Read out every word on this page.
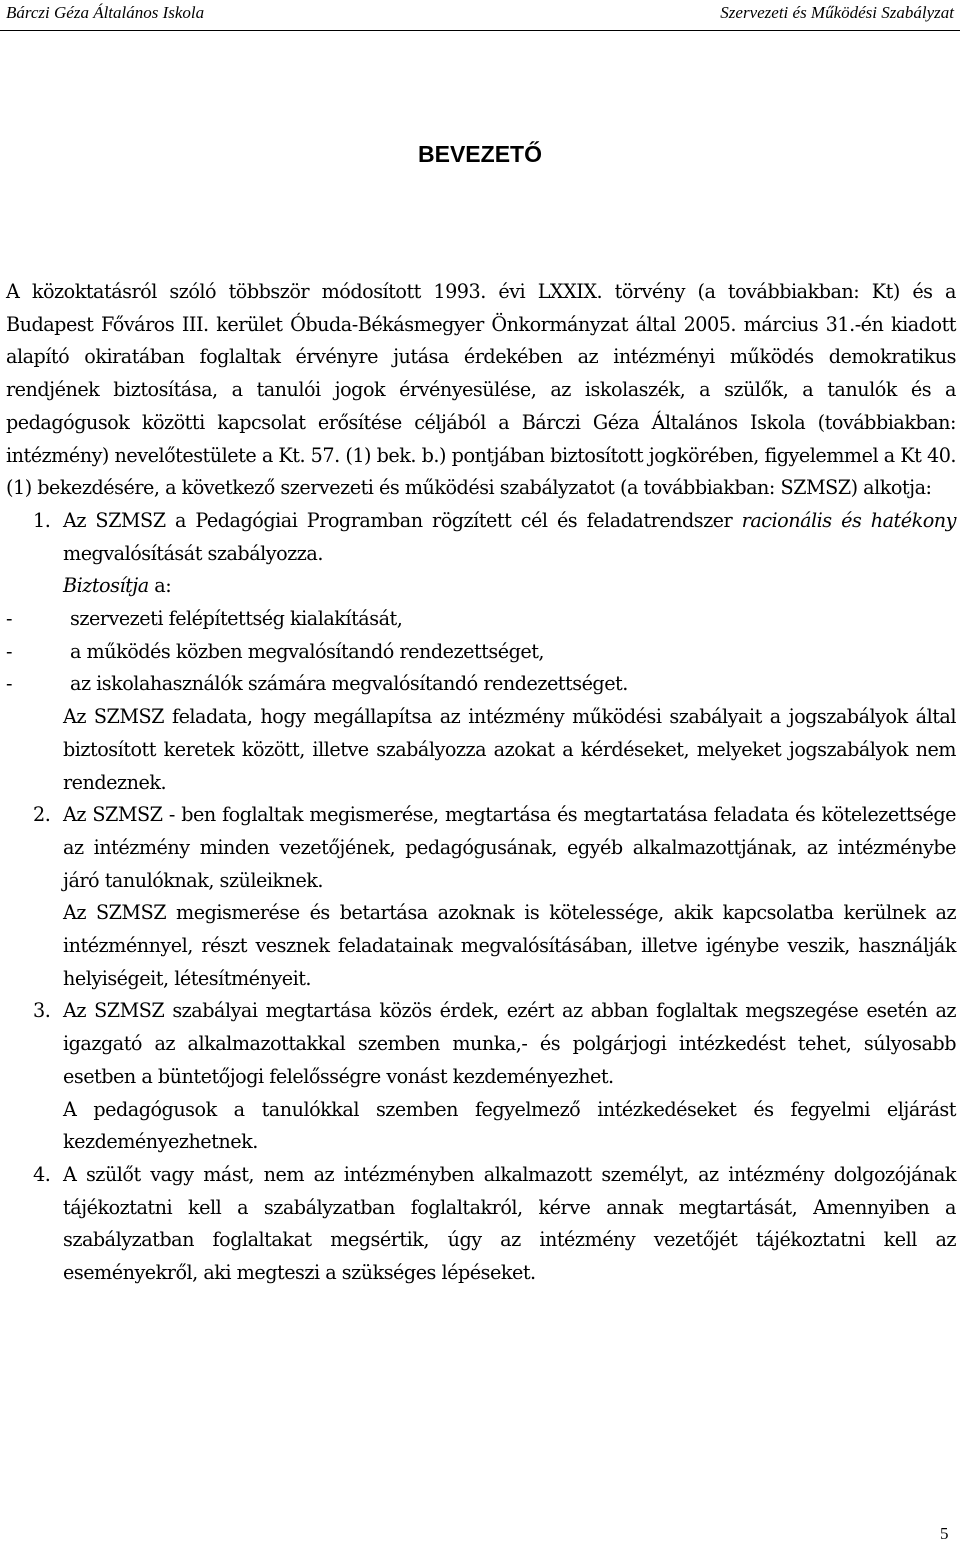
Bárczi Géza Általános Iskola	Szervezeti és Működési Szabályzat
BEVEZETŐ

A közoktatásról szóló többször módosított 1993. évi LXXIX. törvény (a továbbiakban: Kt) és a Budapest Főváros III. kerület Óbuda-Békásmegyer Önkormányzat által 2005. március 31.-én kiadott alapító okiratában foglaltak érvényre jutása érdekében az intézményi működés demokratikus rendjének biztosítása, a tanulói jogok érvényesülése, az iskolaszék, a szülők, a tanulók és a pedagógusok közötti kapcsolat erősítése céljából a Bárczi Géza Általános Iskola (továbbiakban: intézmény) nevelőtestülete a Kt. 57. (1) bek. b.) pontjában biztosított jogkörében, figyelemmel a Kt 40. (1) bekezdésére, a következő szervezeti és működési szabályzatot (a továbbiakban: SZMSZ) alkotja:

1. Az SZMSZ a Pedagógiai Programban rögzített cél és feladatrendszer racionális és hatékony megvalósítását szabályozza.

Biztosítja a:

-	szervezeti felépítettség kialakítását,
-	a működés közben megvalósítandó rendezettséget,
-	az iskolahasználók számára megvalósítandó rendezettséget.

Az SZMSZ feladata, hogy megállapítsa az intézmény működési szabályait a jogszabályok által biztosított keretek között, illetve szabályozza azokat a kérdéseket, melyeket jogszabályok nem rendeznek.

2. Az SZMSZ - ben foglaltak megismerése, megtartása és megtartatása feladata és kötelezettsége az intézmény minden vezetőjének, pedagógusának, egyéb alkalmazottjának, az intézménybe járó tanulóknak, szüleiknek.

Az SZMSZ megismerése és betartása azoknak is kötelessége, akik kapcsolatba kerülnek az intézménnyel, részt vesznek feladatainak megvalósításában, illetve igénybe veszik, használják helyiségeit, létesítményeit.

3. Az SZMSZ szabályai megtartása közös érdek, ezért az abban foglaltak megszegése esetén az igazgató az alkalmazottakkal szemben munka,- és polgárjogi intézkedést tehet, súlyosabb esetben a büntetőjogi felelősségre vonást kezdeményezhet.

A pedagógusok a tanulókkal szemben fegyelmező intézkedéseket és fegyelmi eljárást kezdeményezhetnek.

4. A szülőt vagy mást, nem az intézményben alkalmazott személyt, az intézmény dolgozójának tájékoztatni kell a szabályzatban foglaltakról, kérve annak megtartását, Amennyiben a szabályzatban foglaltakat megsértik, úgy az intézmény vezetőjét tájékoztatni kell az eseményekről, aki megteszi a szükséges lépéseket.

5
